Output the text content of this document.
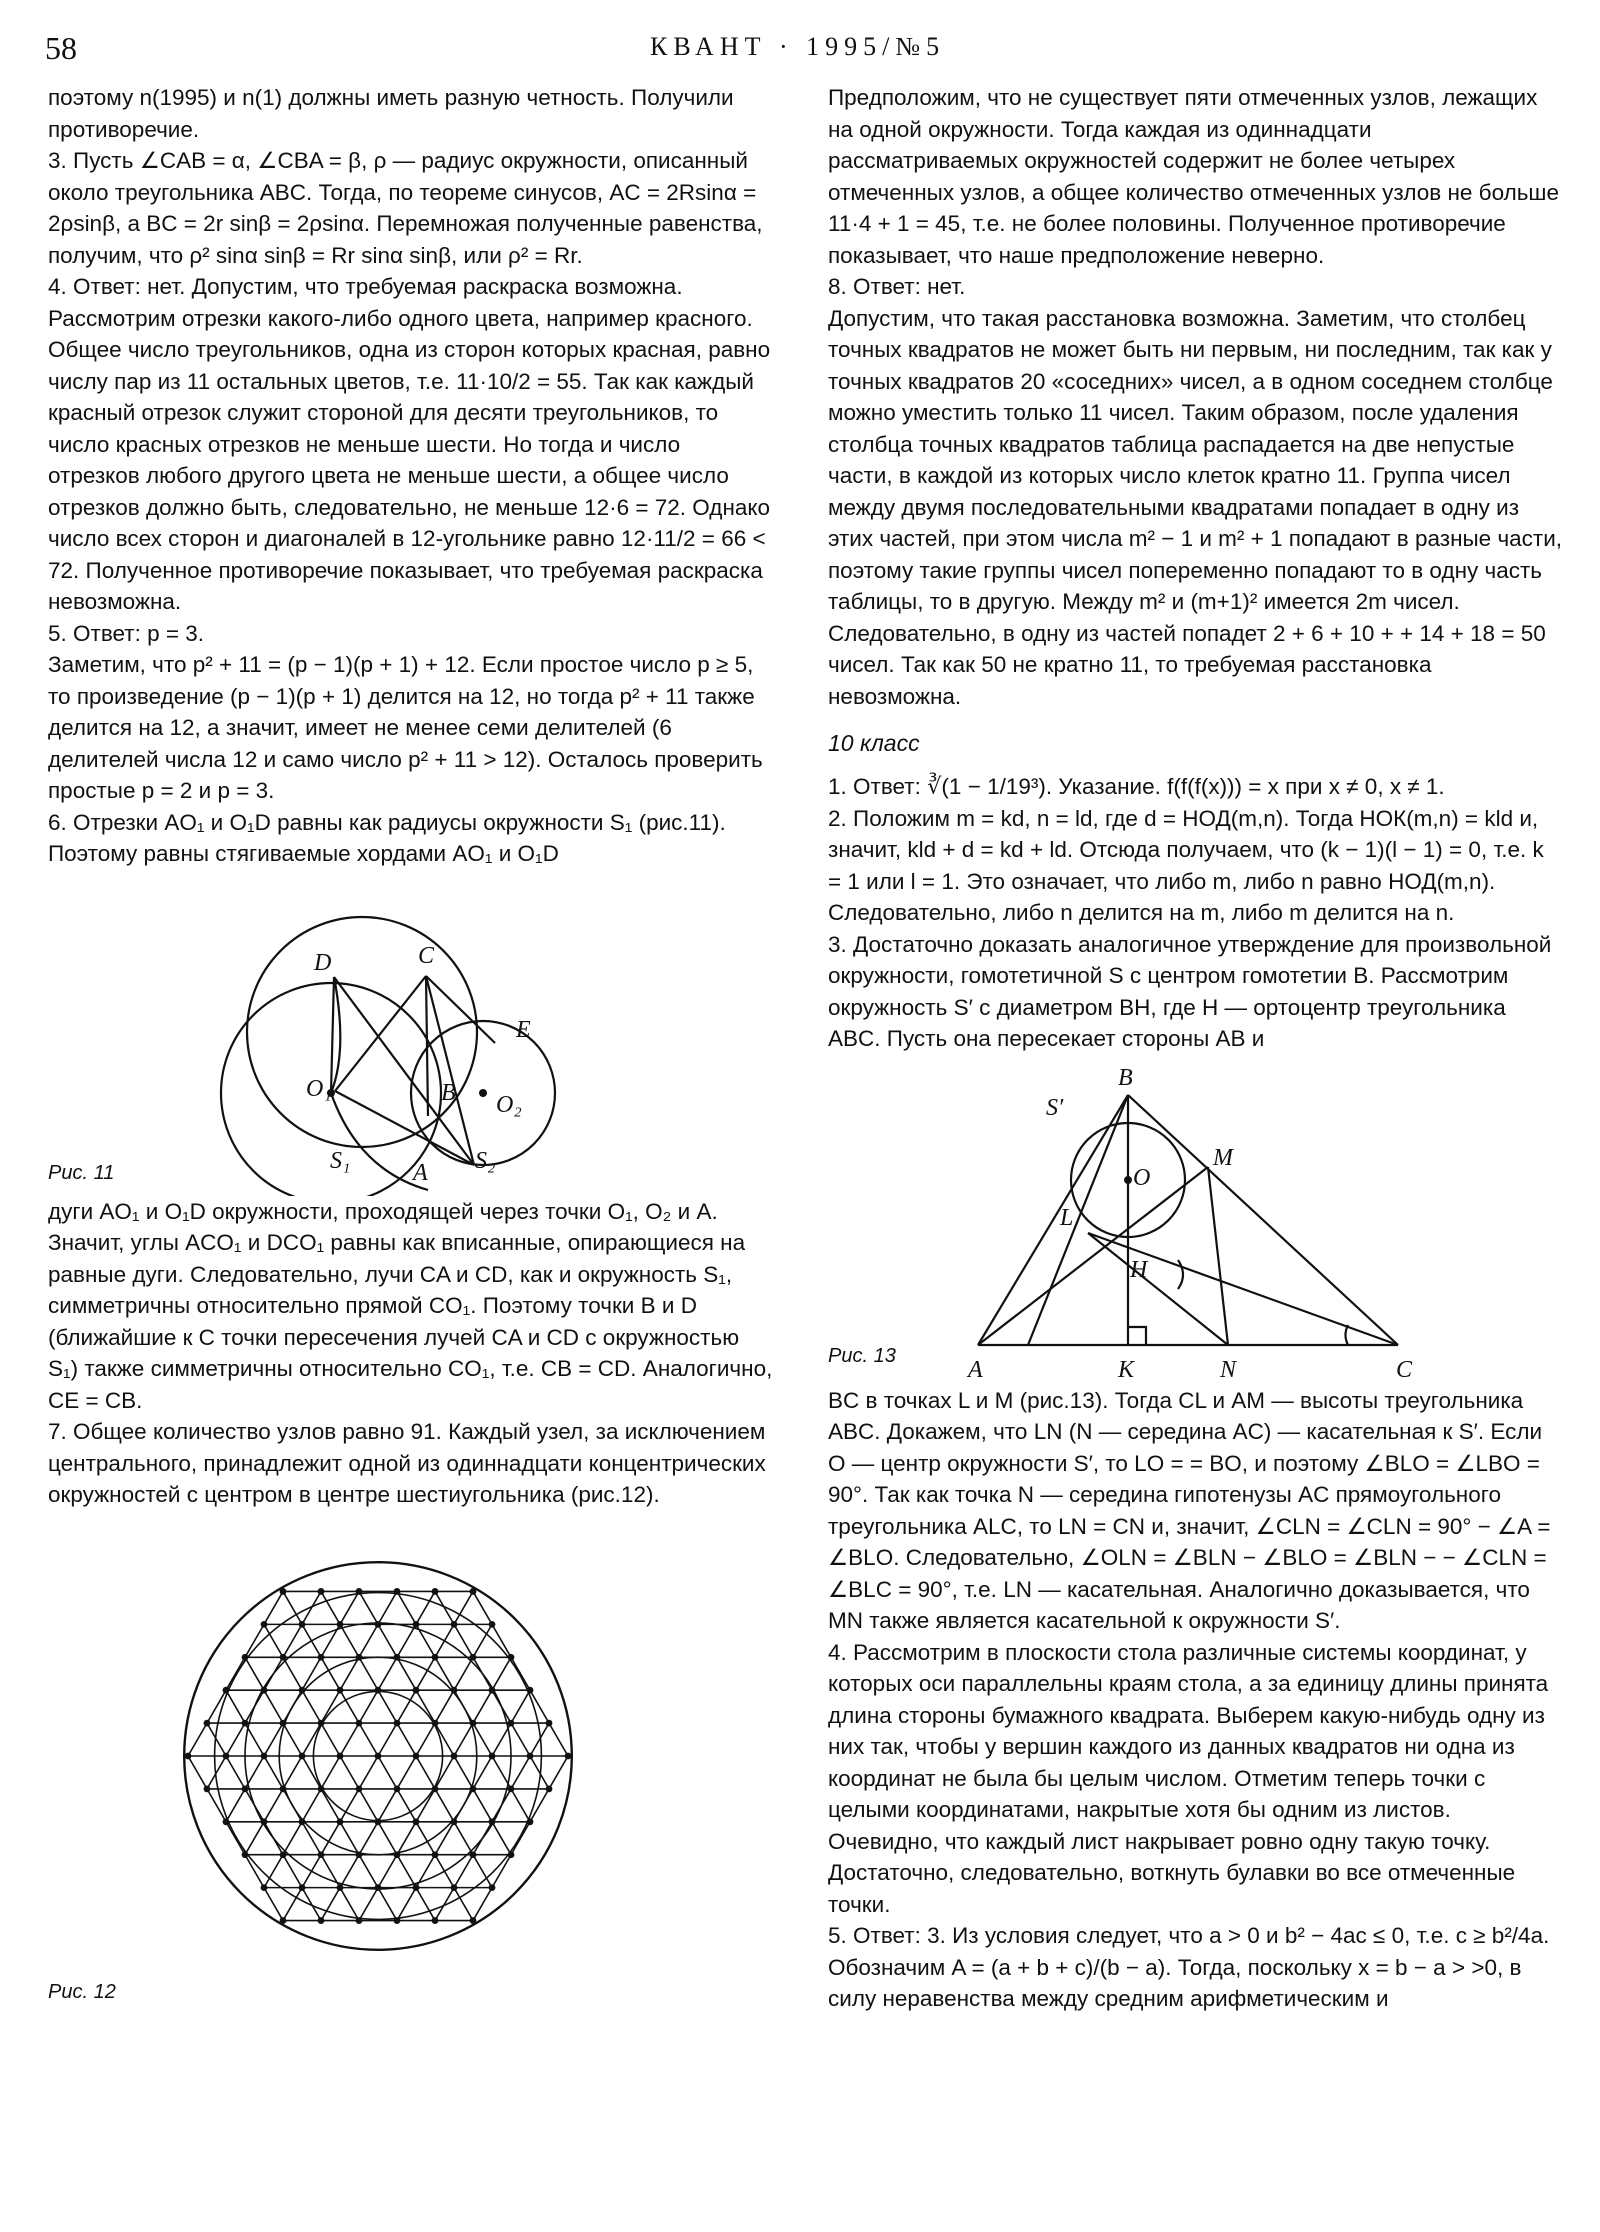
58	КВАНТ · 1995/№5

поэтому n(1995) и n(1) должны иметь разную четность. Получили противоречие.

3. Пусть ∠CAB = α, ∠CBA = β, ρ — радиус окружности, описанный около треугольника ABC. Тогда, по теореме синусов, AC = 2Rsinα = 2ρsinβ, а BC = 2r sinβ = 2ρsinα. Перемножая полученные равенства, получим, что ρ² sinα sinβ = Rr sinα sinβ, или ρ² = Rr.

4. Ответ: нет. Допустим, что требуемая раскраска возможна. Рассмотрим отрезки какого-либо одного цвета, например красного. Общее число треугольников, одна из сторон которых красная, равно числу пар из 11 остальных цветов, т.е. 11·10/2 = 55. Так как каждый красный отрезок служит стороной для десяти треугольников, то число красных отрезков не меньше шести. Но тогда и число отрезков любого другого цвета не меньше шести, а общее число отрезков должно быть, следовательно, не меньше 12·6 = 72. Однако число всех сторон и диагоналей в 12-угольнике равно 12·11/2 = 66 < 72. Полученное противоречие показывает, что требуемая раскраска невозможна.

5. Ответ: p = 3.
Заметим, что p² + 11 = (p − 1)(p + 1) + 12. Если простое число p ≥ 5, то произведение (p − 1)(p + 1) делится на 12, но тогда p² + 11 также делится на 12, а значит, имеет не менее семи делителей (6 делителей числа 12 и само число p² + 11 > 12). Осталось проверить простые p = 2 и p = 3.

6. Отрезки AO₁ и O₁D равны как радиусы окружности S₁ (рис.11). Поэтому равны стягиваемые хордами AO₁ и O₁D

C
D
E
B
O₁
O₂
S₁	S₂
A
Рис. 11

дуги AO₁ и O₁D окружности, проходящей через точки O₁, O₂ и A. Значит, углы ACO₁ и DCO₁ равны как вписанные, опирающиеся на равные дуги. Следовательно, лучи CA и CD, как и окружность S₁, симметричны относительно прямой CO₁. Поэтому точки B и D (ближайшие к C точки пересечения лучей CA и CD с окружностью S₁) также симметричны относительно CO₁, т.е. CB = CD. Аналогично, CE = CB.

7. Общее количество узлов равно 91. Каждый узел, за исключением центрального, принадлежит одной из одиннадцати концентрических окружностей с центром в центре шестиугольника (рис.12).

Рис. 12

Предположим, что не существует пяти отмеченных узлов, лежащих на одной окружности. Тогда каждая из одиннадцати рассматриваемых окружностей содержит не более четырех отмеченных узлов, а общее количество отмеченных узлов не больше 11·4 + 1 = 45, т.е. не более половины. Полученное противоречие показывает, что наше предположение неверно.

8. Ответ: нет.
Допустим, что такая расстановка возможна. Заметим, что столбец точных квадратов не может быть ни первым, ни последним, так как у точных квадратов 20 «соседних» чисел, а в одном соседнем столбце можно уместить только 11 чисел. Таким образом, после удаления столбца точных квадратов таблица распадается на две непустые части, в каждой из которых число клеток кратно 11. Группа чисел между двумя последовательными квадратами попадает в одну из этих частей, при этом числа m² − 1 и m² + 1 попадают в разные части, поэтому такие группы чисел попеременно попадают то в одну часть таблицы, то в другую. Между m² и (m+1)² имеется 2m чисел. Следовательно, в одну из частей попадет 2 + 6 + 10 + + 14 + 18 = 50 чисел. Так как 50 не кратно 11, то требуемая расстановка невозможна.

10 класс

1. Ответ: ∛(1 − 1/19³). Указание. f(f(f(x))) = x при x ≠ 0, x ≠ 1.

2. Положим m = kd, n = ld, где d = НОД(m,n). Тогда НОК(m,n) = kld и, значит, kld + d = kd + ld. Отсюда получаем, что (k − 1)(l − 1) = 0, т.е. k = 1 или l = 1. Это означает, что либо m, либо n равно НОД(m,n). Следовательно, либо n делится на m, либо m делится на n.

3. Достаточно доказать аналогичное утверждение для произвольной окружности, гомотетичной S с центром гомотетии B. Рассмотрим окружность S′ с диаметром BH, где H — ортоцентр треугольника ABC. Пусть она пересекает стороны AB и

B
S′
M
O
L
H
A	K	N	C
Рис. 13

BC в точках L и M (рис.13). Тогда CL и AM — высоты треугольника ABC. Докажем, что LN (N — середина AC) — касательная к S′. Если O — центр окружности S′, то LO = = BO, и поэтому ∠BLO = ∠LBO = 90°. Так как точка N — середина гипотенузы AC прямоугольного треугольника ALC, то LN = CN и, значит, ∠CLN = ∠CLN = 90° − ∠A = ∠BLO. Следовательно, ∠OLN = ∠BLN − ∠BLO = ∠BLN − − ∠CLN = ∠BLC = 90°, т.е. LN — касательная. Аналогично доказывается, что MN также является касательной к окружности S′.

4. Рассмотрим в плоскости стола различные системы координат, у которых оси параллельны краям стола, а за единицу длины принята длина стороны бумажного квадрата. Выберем какую-нибудь одну из них так, чтобы у вершин каждого из данных квадратов ни одна из координат не была бы целым числом. Отметим теперь точки с целыми координатами, накрытые хотя бы одним из листов. Очевидно, что каждый лист накрывает ровно одну такую точку. Достаточно, следовательно, воткнуть булавки во все отмеченные точки.

5. Ответ: 3. Из условия следует, что a > 0 и b² − 4ac ≤ 0, т.е. c ≥ b²/4a. Обозначим A = (a + b + c)/(b − a). Тогда, поскольку x = b − a > >0, в силу неравенства между средним арифметическим и
